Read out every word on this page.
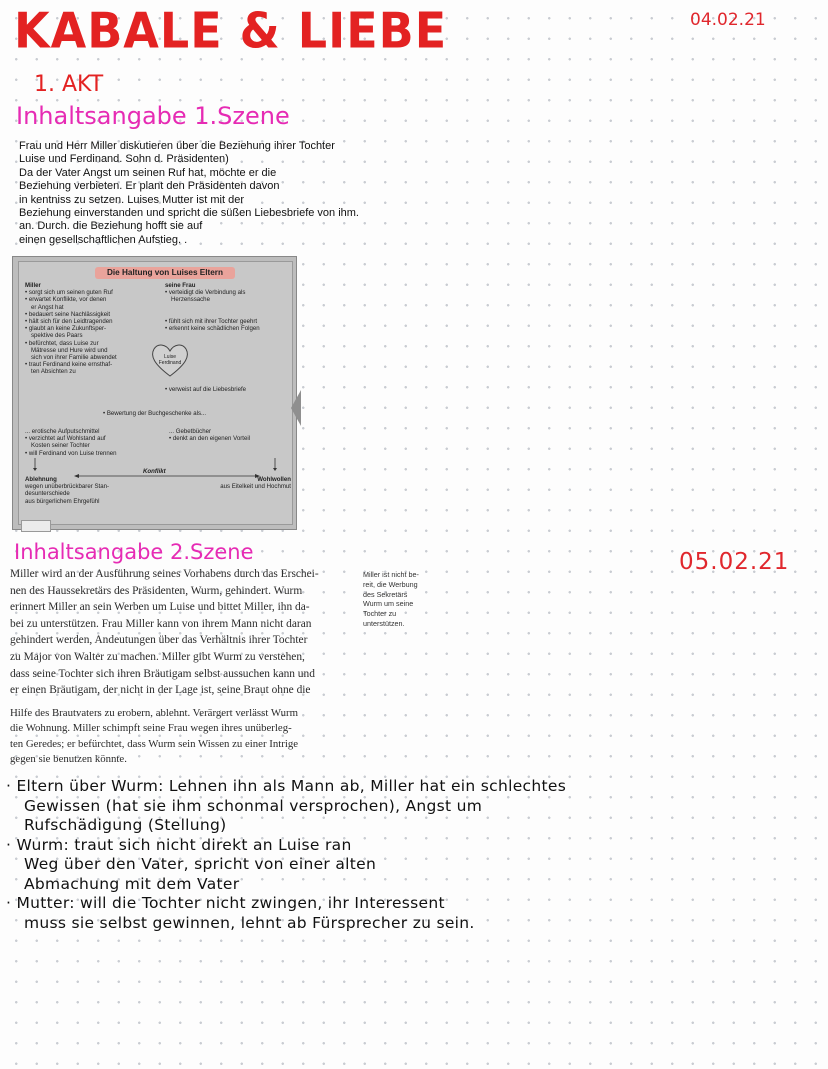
KABALE & LIEBE	04.02.21
1. AKT
Inhaltsangabe 1.Szene
Frau und Herr Miller diskutieren über die Beziehung ihrer Tochter
Luise und Ferdinand. Sohn d. Präsidenten)
Da der Vater Angst um seinen Ruf hat, möchte er die
Beziehung verbieten. Er plant den Präsidenten davon
in kentniss zu setzen. Luises Mutter ist mit der
Beziehung einverstanden und spricht die süßen Liebesbriefe von ihm.
an. Durch. die Beziehung hofft sie auf
einen gesellschaftlichen Aufstieg. .
Die Haltung von Luises Eltern
Miller
• sorgt sich um seinen guten Ruf
• erwartet Konflikte, vor denen
er Angst hat
• bedauert seine Nachlässigkeit
• hält sich für den Leidtragenden
• glaubt an keine Zukunftsper-
spektive des Paars
• befürchtet, dass Luise zur
Mätresse und Hure wird und
sich von ihrer Familie abwendet
• traut Ferdinand keine ernsthaf-
ten Absichten zu
seine Frau
• verteidigt die Verbindung als
Herzenssache
• fühlt sich mit ihrer Tochter geehrt
• erkennt keine schädlichen Folgen
• verweist auf die Liebesbriefe
Luise
Ferdinand
• Bewertung der Buchgeschenke als...
... erotische Aufputschmittel
• verzichtet auf Wohlstand auf
Kosten seiner Tochter
• will Ferdinand von Luise trennen
... Gebetbücher
• denkt an den eigenen Vorteil
Konflikt
Ablehnung
wegen unüberbrückbarer Stan-
desunterschiede
aus bürgerlichem Ehrgefühl
Wohlwollen
aus Eitelkeit und Hochmut
Inhaltsangabe 2.Szene	05.02.21
Miller wird an der Ausführung seines Vorhabens durch das Erschei-
nen des Haussekretärs des Präsidenten, Wurm, gehindert. Wurm
erinnert Miller an sein Werben um Luise und bittet Miller, ihn da-
bei zu unterstützen. Frau Miller kann von ihrem Mann nicht daran
gehindert werden, Andeutungen über das Verhältnis ihrer Tochter
zu Major von Walter zu machen. Miller gibt Wurm zu verstehen,
dass seine Tochter sich ihren Bräutigam selbst aussuchen kann und
er einen Bräutigam, der nicht in der Lage ist, seine Braut ohne die
Miller ist nicht be-
reit, die Werbung
des Sekretärs
Wurm um seine
Tochter zu
unterstützen.
Hilfe des Brautvaters zu erobern, ablehnt. Verärgert verlässt Wurm
die Wohnung. Miller schimpft seine Frau wegen ihres unüberleg-
ten Geredes; er befürchtet, dass Wurm sein Wissen zu einer Intrige
gegen sie benutzen könnte.
· Eltern über Wurm: Lehnen ihn als Mann ab, Miller hat ein schlechtes
Gewissen (hat sie ihm schonmal versprochen), Angst um
Rufschädigung (Stellung)
· Wurm: traut sich nicht direkt an Luise ran
Weg über den Vater, spricht von einer alten
Abmachung mit dem Vater
· Mutter: will die Tochter nicht zwingen, ihr Interessent
muss sie selbst gewinnen, lehnt ab Fürsprecher zu sein.
